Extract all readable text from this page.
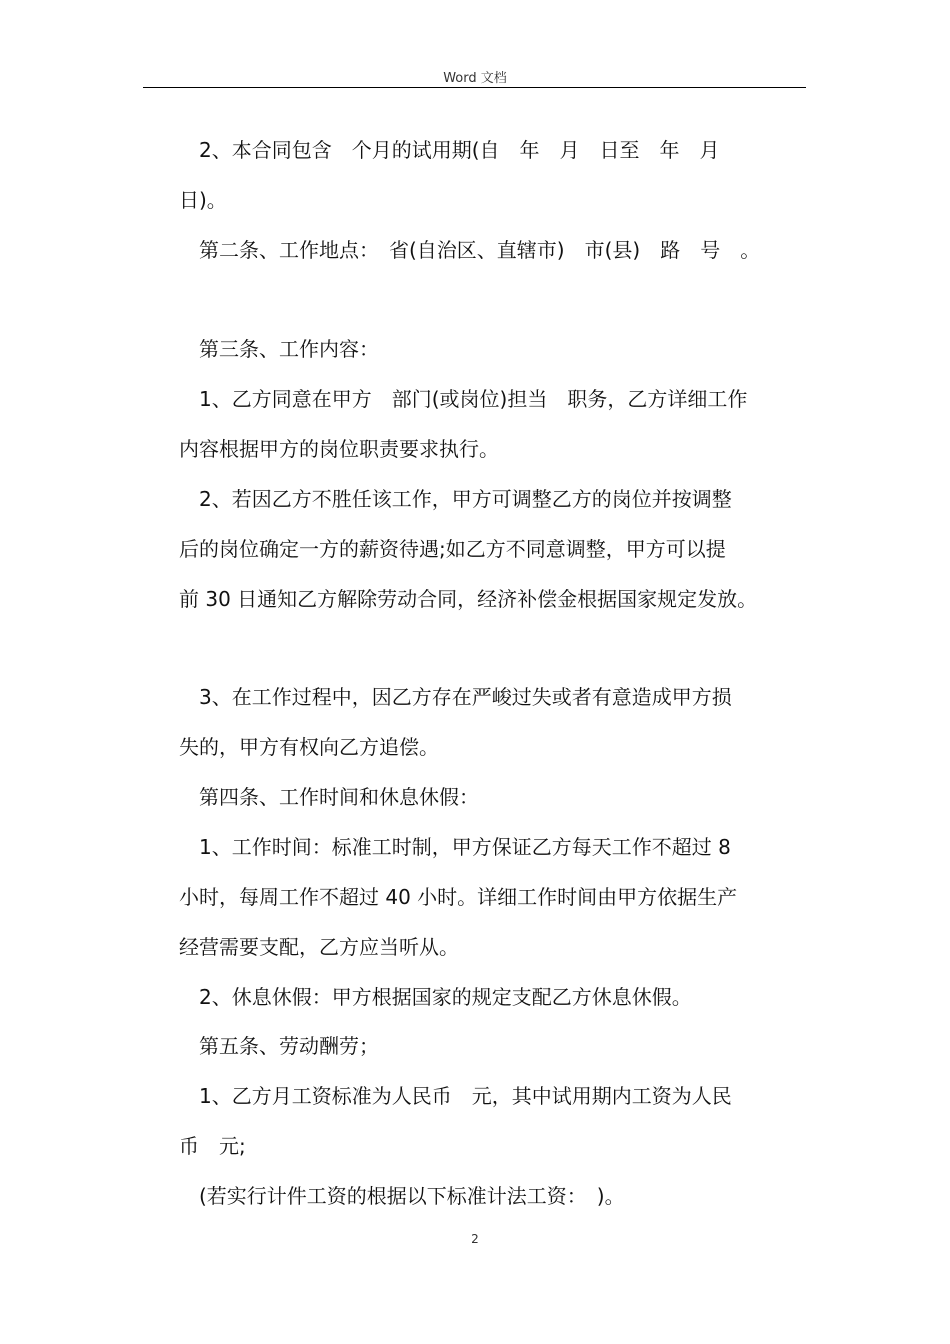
Word 文档
2、本合同包含　个月的试用期(自　年　月　日至　年　月
日)。
第二条、工作地点：　省(自治区、直辖市)　市(县)　路　号　。
第三条、工作内容：
1、乙方同意在甲方　部门(或岗位)担当　职务，乙方详细工作
内容根据甲方的岗位职责要求执行。
2、若因乙方不胜任该工作，甲方可调整乙方的岗位并按调整
后的岗位确定一方的薪资待遇;如乙方不同意调整，甲方可以提
前 30 日通知乙方解除劳动合同，经济补偿金根据国家规定发放。
3、在工作过程中，因乙方存在严峻过失或者有意造成甲方损
失的，甲方有权向乙方追偿。
第四条、工作时间和休息休假：
1、工作时间：标准工时制，甲方保证乙方每天工作不超过 8
小时，每周工作不超过 40 小时。详细工作时间由甲方依据生产
经营需要支配，乙方应当听从。
2、休息休假：甲方根据国家的规定支配乙方休息休假。
第五条、劳动酬劳；
1、乙方月工资标准为人民币　元，其中试用期内工资为人民
币　元;
(若实行计件工资的根据以下标准计法工资：　)。
2
